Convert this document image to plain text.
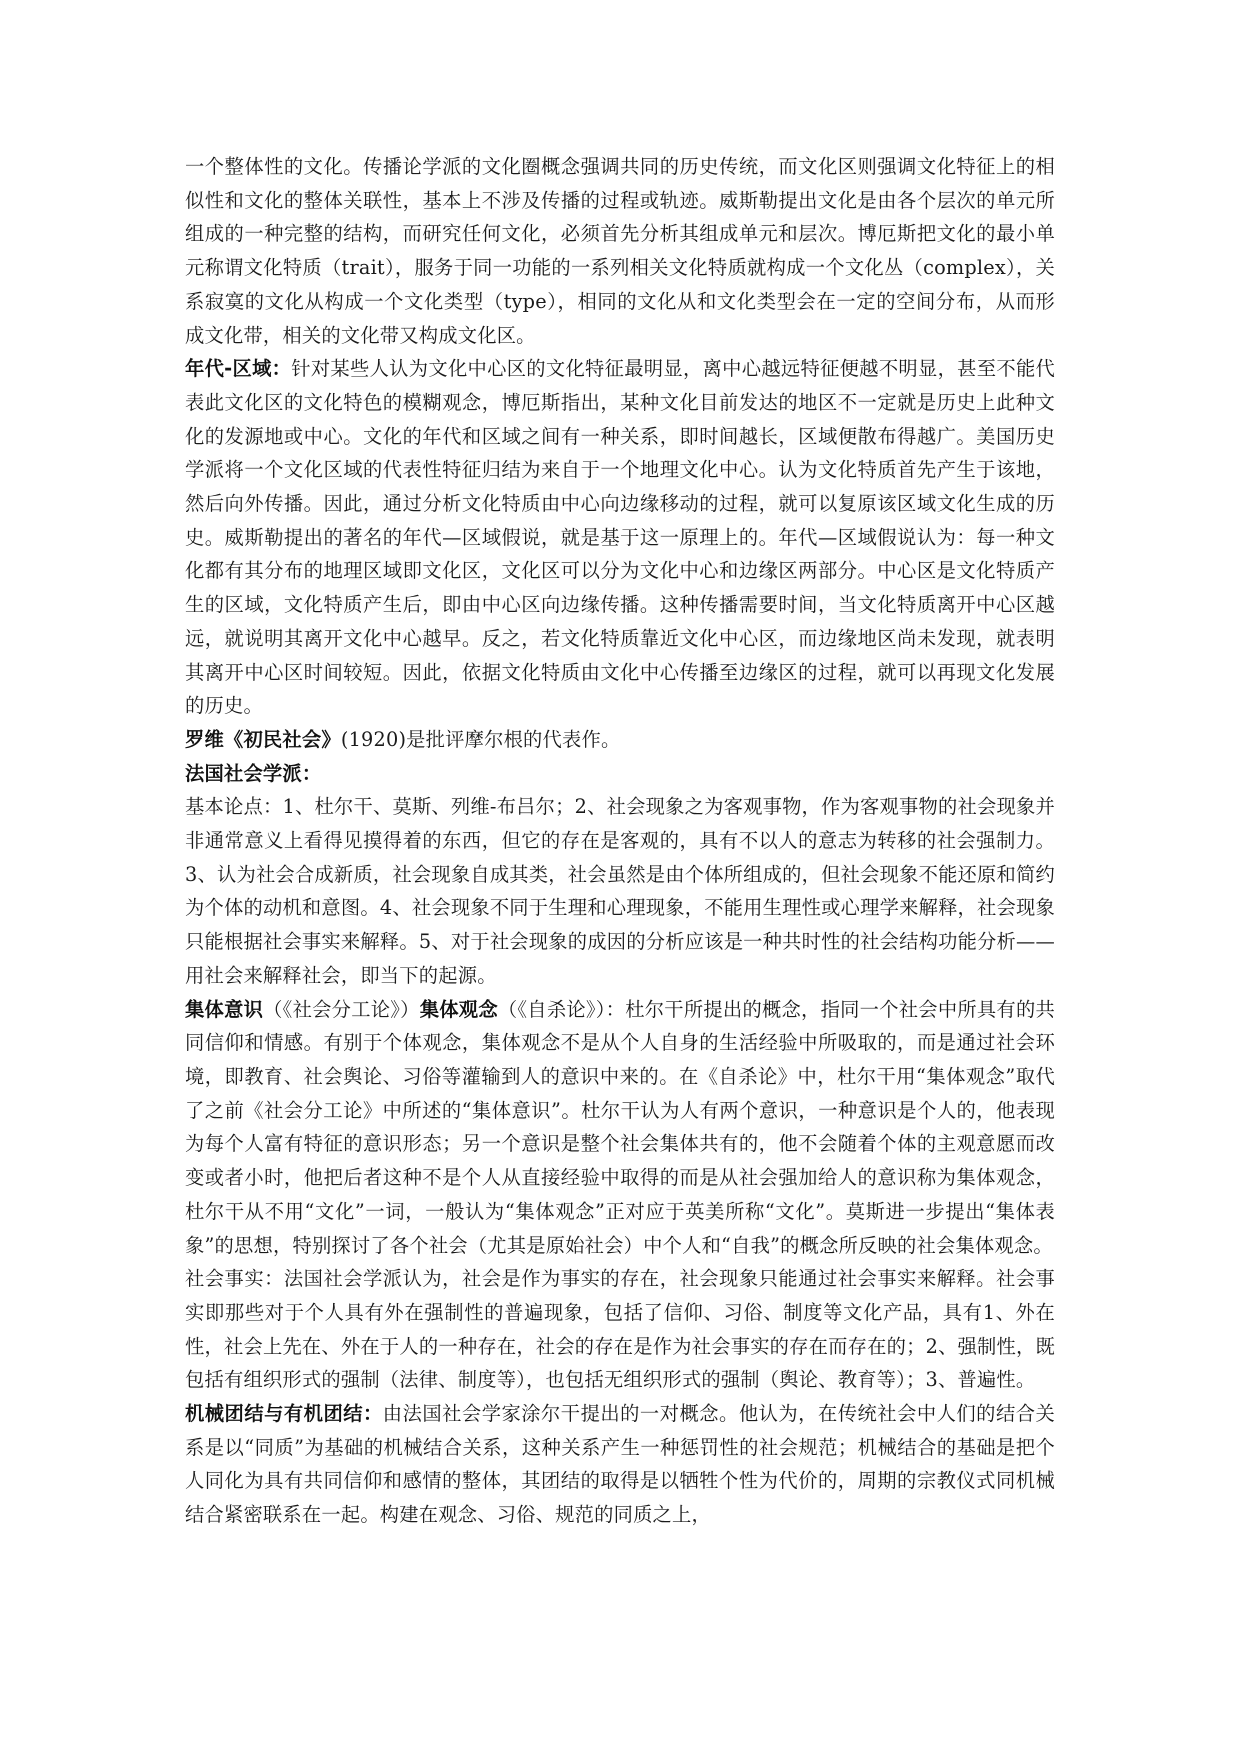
一个整体性的文化。传播论学派的文化圈概念强调共同的历史传统，而文化区则强调文化特征上的相似性和文化的整体关联性，基本上不涉及传播的过程或轨迹。威斯勒提出文化是由各个层次的单元所组成的一种完整的结构，而研究任何文化，必须首先分析其组成单元和层次。博厄斯把文化的最小单元称谓文化特质（trait），服务于同一功能的一系列相关文化特质就构成一个文化丛（complex），关系寂寞的文化从构成一个文化类型（type），相同的文化从和文化类型会在一定的空间分布，从而形成文化带，相关的文化带又构成文化区。

年代-区域：针对某些人认为文化中心区的文化特征最明显，离中心越远特征便越不明显，甚至不能代表此文化区的文化特色的模糊观念，博厄斯指出，某种文化目前发达的地区不一定就是历史上此种文化的发源地或中心。文化的年代和区域之间有一种关系，即时间越长，区域便散布得越广。美国历史学派将一个文化区域的代表性特征归结为来自于一个地理文化中心。认为文化特质首先产生于该地，然后向外传播。因此，通过分析文化特质由中心向边缘移动的过程，就可以复原该区域文化生成的历史。威斯勒提出的著名的年代—区域假说，就是基于这一原理上的。年代—区域假说认为：每一种文化都有其分布的地理区域即文化区，文化区可以分为文化中心和边缘区两部分。中心区是文化特质产生的区域，文化特质产生后，即由中心区向边缘传播。这种传播需要时间，当文化特质离开中心区越远，就说明其离开文化中心越早。反之，若文化特质靠近文化中心区，而边缘地区尚未发现，就表明其离开中心区时间较短。因此，依据文化特质由文化中心传播至边缘区的过程，就可以再现文化发展的历史。

罗维《初民社会》(1920)是批评摩尔根的代表作。

法国社会学派：

基本论点：1、杜尔干、莫斯、列维-布吕尔；2、社会现象之为客观事物，作为客观事物的社会现象并非通常意义上看得见摸得着的东西，但它的存在是客观的，具有不以人的意志为转移的社会强制力。3、认为社会合成新质，社会现象自成其类，社会虽然是由个体所组成的，但社会现象不能还原和简约为个体的动机和意图。4、社会现象不同于生理和心理现象，不能用生理性或心理学来解释，社会现象只能根据社会事实来解释。5、对于社会现象的成因的分析应该是一种共时性的社会结构功能分析——用社会来解释社会，即当下的起源。

集体意识（《社会分工论》）集体观念（《自杀论》）：杜尔干所提出的概念，指同一个社会中所具有的共同信仰和情感。有别于个体观念，集体观念不是从个人自身的生活经验中所吸取的，而是通过社会环境，即教育、社会舆论、习俗等灌输到人的意识中来的。在《自杀论》中，杜尔干用“集体观念”取代了之前《社会分工论》中所述的“集体意识”。杜尔干认为人有两个意识，一种意识是个人的，他表现为每个人富有特征的意识形态；另一个意识是整个社会集体共有的，他不会随着个体的主观意愿而改变或者小时，他把后者这种不是个人从直接经验中取得的而是从社会强加给人的意识称为集体观念，杜尔干从不用“文化”一词，一般认为“集体观念”正对应于英美所称“文化”。莫斯进一步提出“集体表象”的思想，特别探讨了各个社会（尤其是原始社会）中个人和“自我”的概念所反映的社会集体观念。

社会事实：法国社会学派认为，社会是作为事实的存在，社会现象只能通过社会事实来解释。社会事实即那些对于个人具有外在强制性的普遍现象，包括了信仰、习俗、制度等文化产品，具有1、外在性，社会上先在、外在于人的一种存在，社会的存在是作为社会事实的存在而存在的；2、强制性，既包括有组织形式的强制（法律、制度等），也包括无组织形式的强制（舆论、教育等）；3、普遍性。

机械团结与有机团结：由法国社会学家涂尔干提出的一对概念。他认为，在传统社会中人们的结合关系是以“同质”为基础的机械结合关系，这种关系产生一种惩罚性的社会规范；机械结合的基础是把个人同化为具有共同信仰和感情的整体，其团结的取得是以牺牲个性为代价的，周期的宗教仪式同机械结合紧密联系在一起。构建在观念、习俗、规范的同质之上，
